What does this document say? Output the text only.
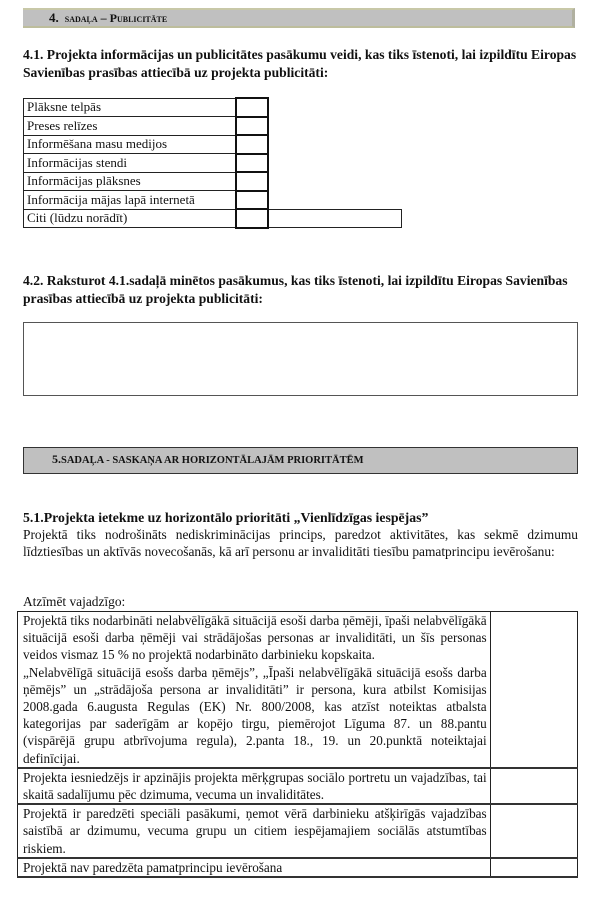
4. sadaļa – Publicitāte
4.1. Projekta informācijas un publicitātes pasākumu veidi, kas tiks īstenoti, lai izpildītu Eiropas Savienības prasības attiecībā uz projekta publicitāti:
Plāksne telpās		
Preses relīzes		
Informēšana masu medijos		
Informācijas stendi		
Informācijas plāksnes		
Informācija mājas lapā internetā		
Citi (lūdzu norādīt)		
4.2. Raksturot 4.1.sadaļā minētos pasākumus, kas tiks īstenoti, lai izpildītu Eiropas Savienības prasības attiecībā uz projekta publicitāti:
5.SADAĻA - SASKAŅA AR HORIZONTĀLAJĀM PRIORITĀTĒM
5.1.Projekta ietekme uz horizontālo prioritāti „Vienlīdzīgas iespējas”
Projektā tiks nodrošināts nediskriminācijas princips, paredzot aktivitātes, kas sekmē dzimumu līdztiesības un aktīvās novecošanās, kā arī personu ar invaliditāti tiesību pamatprincipu ievērošanu:
Atzīmēt vajadzīgo:
Projektā tiks nodarbināti nelabvēlīgākā situācijā esoši darba ņēmēji, īpaši nelabvēlīgākā situācijā esoši darba ņēmēji vai strādājošas personas ar invaliditāti, un šīs personas veidos vismaz 15 % no projektā nodarbināto darbinieku kopskaita.
„Nelabvēlīgā situācijā esošs darba ņēmējs”, „Īpaši nelabvēlīgākā situācijā esošs darba ņēmējs” un „strādājoša persona ar invaliditāti” ir persona, kura atbilst Komisijas 2008.gada 6.augusta Regulas (EK) Nr. 800/2008, kas atzīst noteiktas atbalsta kategorijas par saderīgām ar kopējo tirgu, piemērojot Līguma 87. un 88.pantu (vispārējā grupu atbrīvojuma regula), 2.panta 18., 19. un 20.punktā noteiktajai definīcijai.	

Projekta iesniedzējs ir apzinājis projekta mērķgrupas sociālo portretu un vajadzības, tai skaitā sadalījumu pēc dzimuma, vecuma un invaliditātes.	
Projektā ir paredzēti speciāli pasākumi, ņemot vērā darbinieku atšķirīgās vajadzības saistībā ar dzimumu, vecuma grupu un citiem iespējamajiem sociālās atstumtības riskiem.	
Projektā nav paredzēta pamatprincipu ievērošana	
